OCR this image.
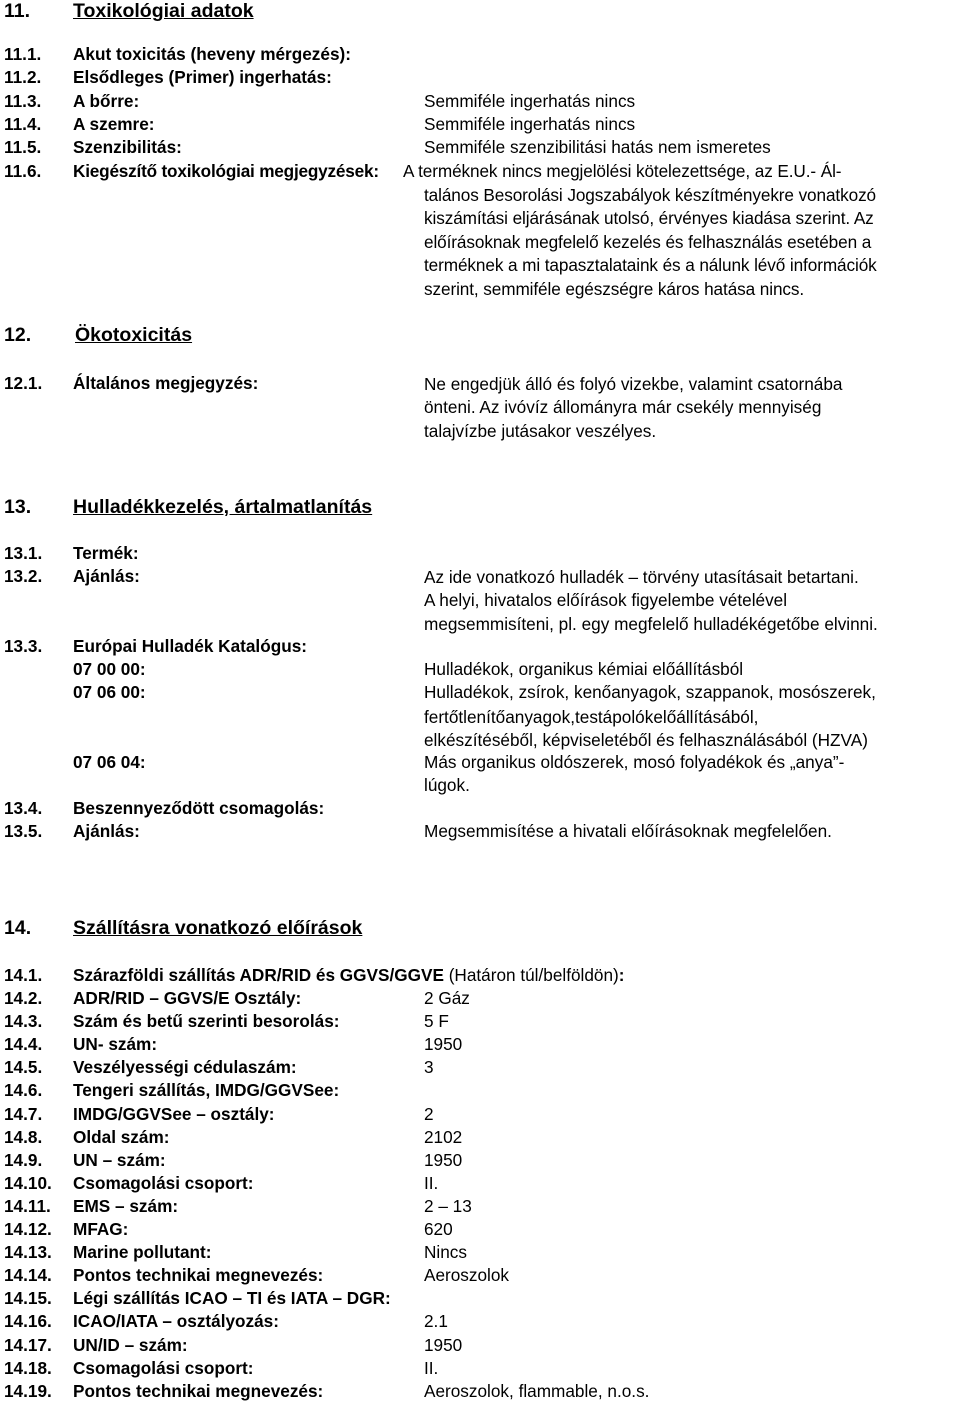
11. Toxikológiai adatok
11.1. Akut toxicitás (heveny mérgezés):
11.2. Elsődleges (Primer) ingerhatás:
11.3. A bőrre:	Semmiféle ingerhatás nincs
11.4. A szemre:	Semmiféle ingerhatás nincs
11.5. Szenzibilitás:	Semmiféle szenzibilitási hatás nem ismeretes
11.6. Kiegészítő toxikológiai megjegyzések: A terméknek nincs megjelölési kötelezettsége, az E.U.- Ál-
talános Besorolási Jogszabályok készítményekre vonatkozó
kiszámítási eljárásának utolsó, érvényes kiadása szerint. Az
előírásoknak megfelelő kezelés és felhasználás esetében a
terméknek a mi tapasztalataink és a nálunk lévő információk
szerint, semmiféle egészségre káros hatása nincs.
12. Ökotoxicitás
12.1. Általános megjegyzés:	Ne engedjük álló és folyó vizekbe, valamint csatornába
önteni. Az ivóvíz állományra már csekély mennyiség
talajvízbe jutásakor veszélyes.
13. Hulladékkezelés, ártalmatlanítás
13.1. Termék:
13.2. Ajánlás:	Az ide vonatkozó hulladék – törvény utasításait betartani.
A helyi, hivatalos előírások figyelembe vételével
megsemmisíteni, pl. egy megfelelő hulladékégetőbe elvinni.
13.3. Európai Hulladék Katalógus:
07 00 00:	Hulladékok, organikus kémiai előállításból
07 06 00:	Hulladékok, zsírok, kenőanyagok, szappanok, mosószerek,
fertőtlenítőanyagok,testápolókelőállításából,
elkészítéséből, képviseletéből és felhasználásából (HZVA)
07 06 04:	Más organikus oldószerek, mosó folyadékok és „anya”-
lúgok.
13.4. Beszennyeződött csomagolás:
13.5. Ajánlás:	Megsemmisítése a hivatali előírásoknak megfelelően.
14. Szállításra vonatkozó előírások
14.1. Szárazföldi szállítás ADR/RID és GGVS/GGVE (Határon túl/belföldön):
14.2. ADR/RID – GGVS/E Osztály:	2 Gáz
14.3. Szám és betű szerinti besorolás:	5 F
14.4. UN- szám:	1950
14.5. Veszélyességi cédulaszám:	3
14.6. Tengeri szállítás, IMDG/GGVSee:
14.7. IMDG/GGVSee – osztály:	2
14.8. Oldal szám:	2102
14.9. UN – szám:	1950
14.10. Csomagolási csoport:	II.
14.11. EMS – szám:	2 – 13
14.12. MFAG:	620
14.13. Marine pollutant:	Nincs
14.14. Pontos technikai megnevezés:	Aeroszolok
14.15. Légi szállítás ICAO – TI és IATA – DGR:
14.16. ICAO/IATA – osztályozás:	2.1
14.17. UN/ID – szám:	1950
14.18. Csomagolási csoport:	II.
14.19. Pontos technikai megnevezés:	Aeroszolok, flammable, n.o.s.
